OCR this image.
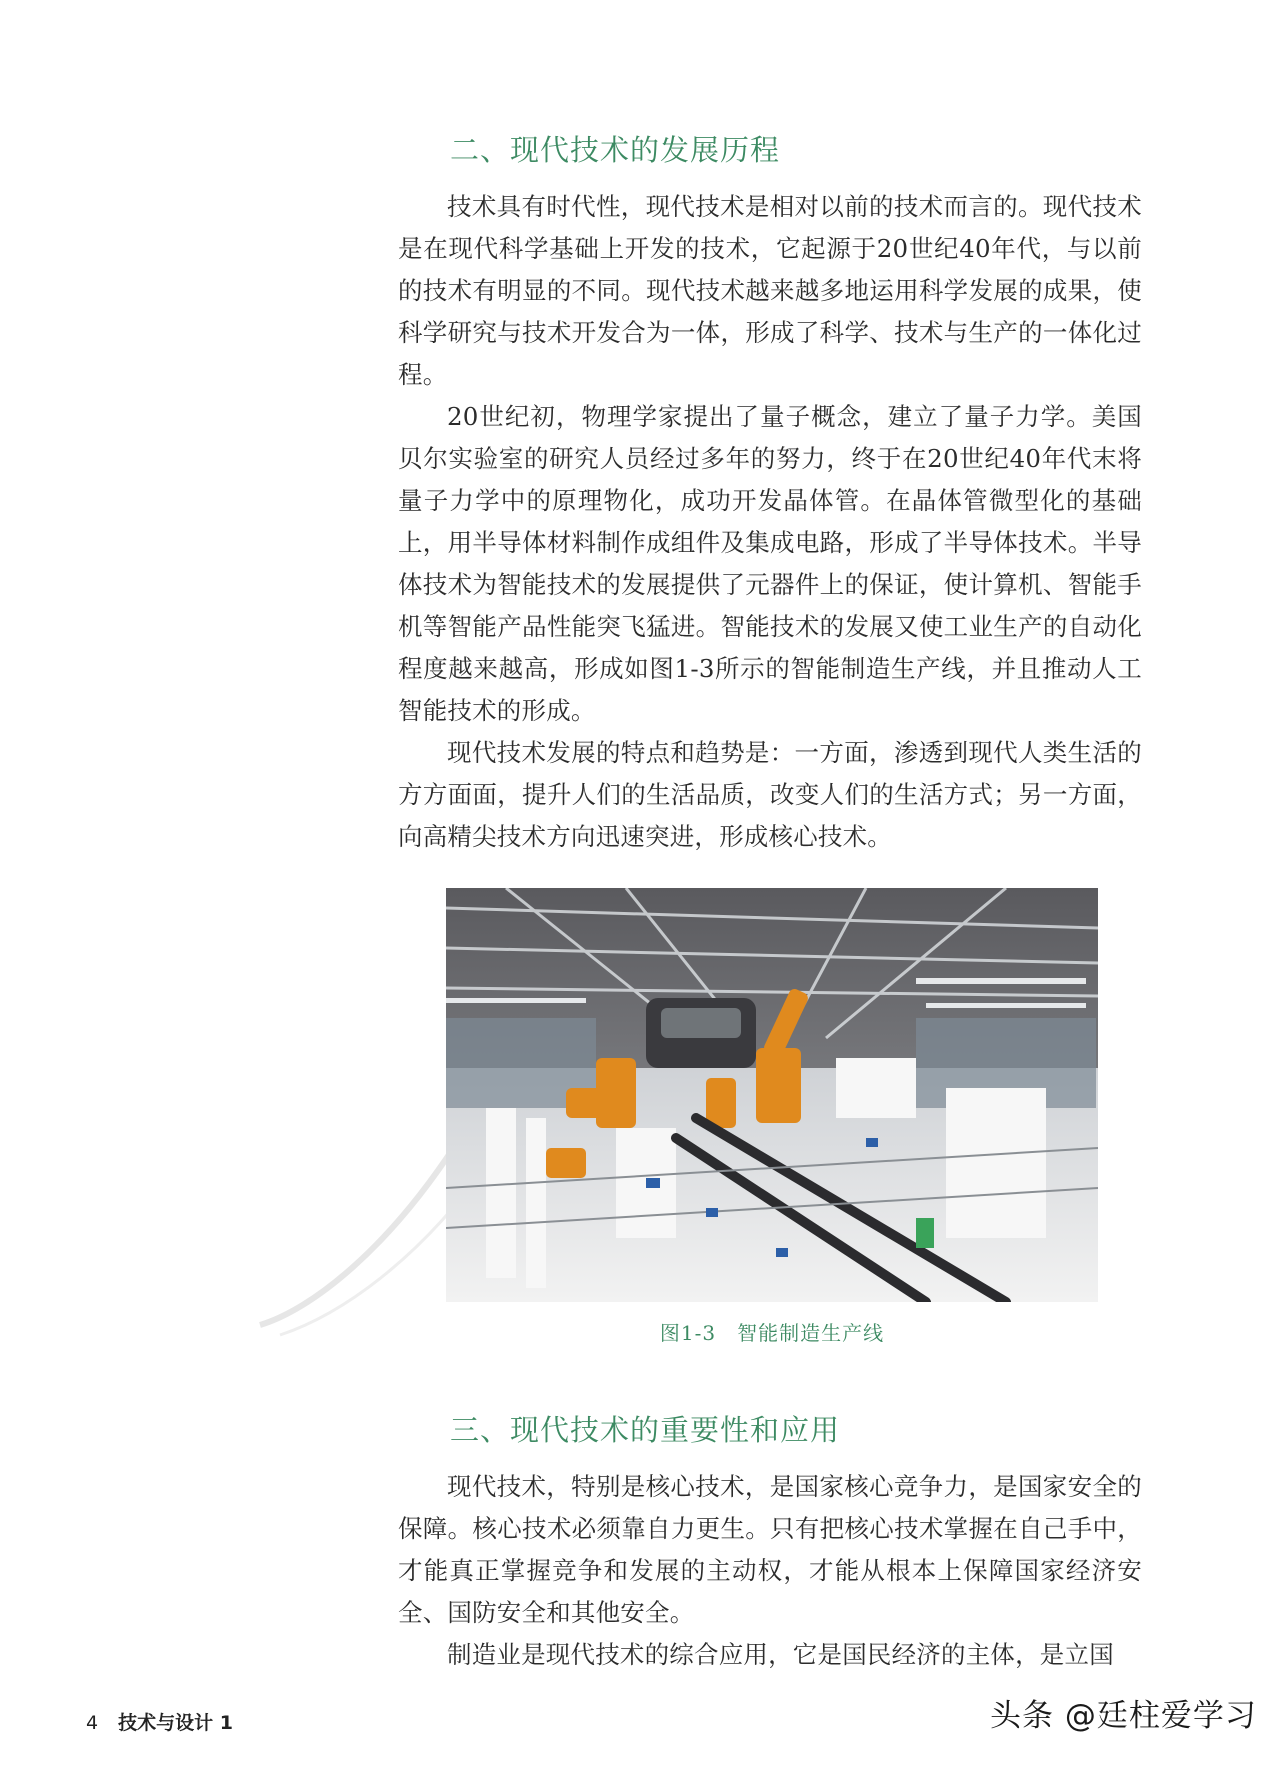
二、现代技术的发展历程

技术具有时代性，现代技术是相对以前的技术而言的。现代技术是在现代科学基础上开发的技术，它起源于20世纪40年代，与以前的技术有明显的不同。现代技术越来越多地运用科学发展的成果，使科学研究与技术开发合为一体，形成了科学、技术与生产的一体化过程。

20世纪初，物理学家提出了量子概念，建立了量子力学。美国贝尔实验室的研究人员经过多年的努力，终于在20世纪40年代末将量子力学中的原理物化，成功开发晶体管。在晶体管微型化的基础上，用半导体材料制作成组件及集成电路，形成了半导体技术。半导体技术为智能技术的发展提供了元器件上的保证，使计算机、智能手机等智能产品性能突飞猛进。智能技术的发展又使工业生产的自动化程度越来越高，形成如图1-3所示的智能制造生产线，并且推动人工智能技术的形成。

现代技术发展的特点和趋势是：一方面，渗透到现代人类生活的方方面面，提升人们的生活品质，改变人们的生活方式；另一方面，向高精尖技术方向迅速突进，形成核心技术。

图1-3　智能制造生产线
三、现代技术的重要性和应用

现代技术，特别是核心技术，是国家核心竞争力，是国家安全的保障。核心技术必须靠自力更生。只有把核心技术掌握在自己手中，才能真正掌握竞争和发展的主动权，才能从根本上保障国家经济安全、国防安全和其他安全。

制造业是现代技术的综合应用，它是国民经济的主体，是立国

4 技术与设计 1	头条 @廷柱爱学习
